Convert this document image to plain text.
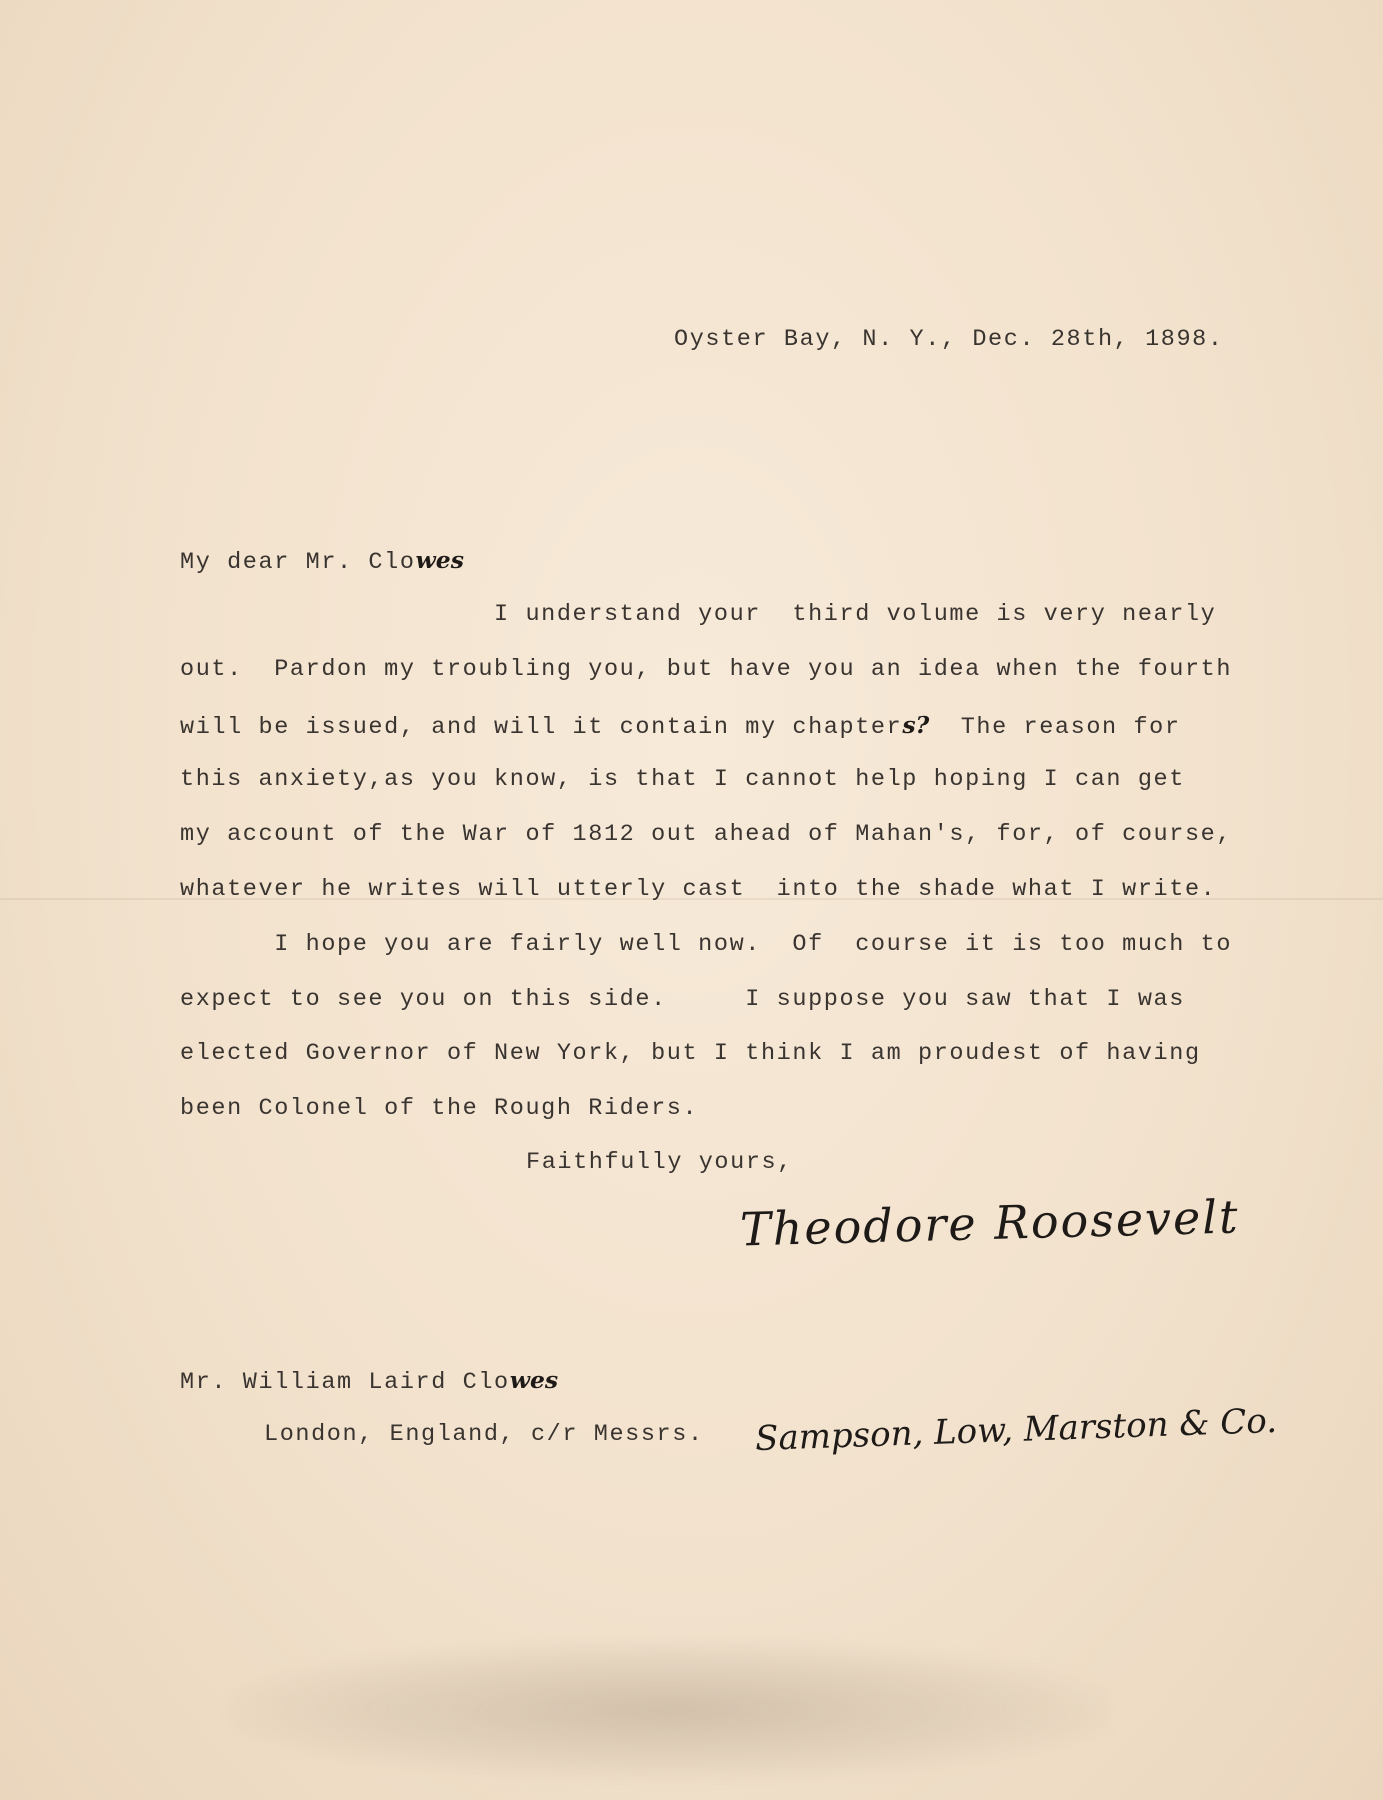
Oyster Bay, N. Y., Dec. 28th, 1898.
My dear Mr. Clowes
I understand your  third volume is very nearly
out.  Pardon my troubling you, but have you an idea when the fourth
will be issued, and will it contain my chapters?  The reason for
this anxiety,as you know, is that I cannot help hoping I can get
my account of the War of 1812 out ahead of Mahan's, for, of course,
whatever he writes will utterly cast  into the shade what I write.
I hope you are fairly well now.  Of  course it is too much to
expect to see you on this side.     I suppose you saw that I was
elected Governor of New York, but I think I am proudest of having
been Colonel of the Rough Riders.
Faithfully yours,
Theodore Roosevelt
Mr. William Laird Clowes
London, England, c/r Messrs. Sampson, Low, Marston & Co.
